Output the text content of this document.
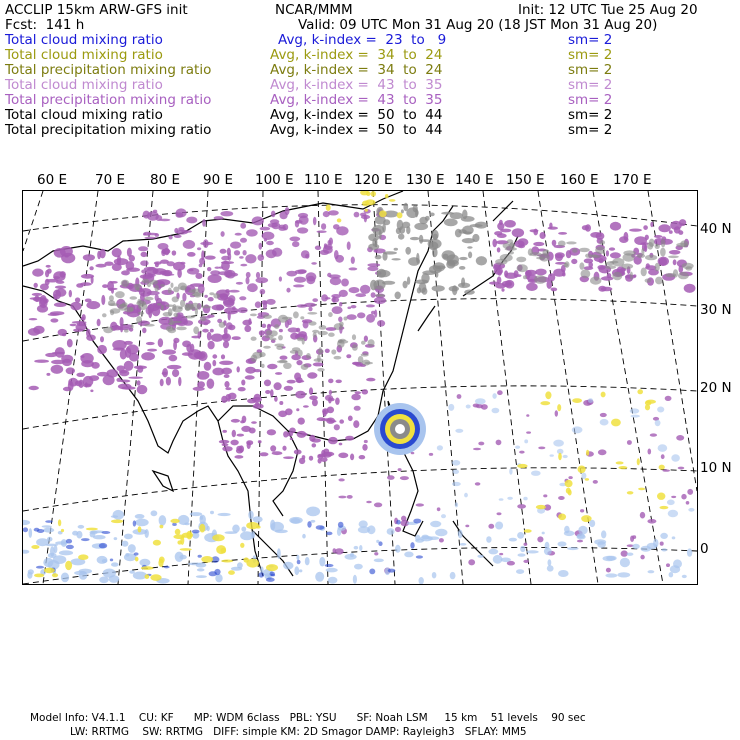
ACCLIP 15km ARW-GFS init	NCAR/MMM	Init: 12 UTC Tue 25 Aug 20
Fcst:  141 h	Valid: 09 UTC Mon 31 Aug 20 (18 JST Mon 31 Aug 20)
Total cloud mixing ratio	Avg, k-index =  23  to   9	sm= 2
Total cloud mixing ratio	Avg, k-index =  34  to  24	sm= 2
Total precipitation mixing ratio	Avg, k-index =  34  to  24	sm= 2
Total cloud mixing ratio	Avg, k-index =  43  to  35	sm= 2
Total precipitation mixing ratio	Avg, k-index =  43  to  35	sm= 2
Total cloud mixing ratio	Avg, k-index =  50  to  44	sm= 2
Total precipitation mixing ratio	Avg, k-index =  50  to  44	sm= 2
60 E 70 E 80 E 90 E 100 E 110 E 120 E 130 E 140 E 150 E 160 E 170 E
40 N
30 N
20 N
10 N
0
Model Info: V4.1.1    CU: KF      MP: WDM 6class   PBL: YSU      SF: Noah LSM     15 km    51 levels    90 sec
LW: RRTMG    SW: RRTMG   DIFF: simple KM: 2D Smagor DAMP: Rayleigh3   SFLAY: MM5
